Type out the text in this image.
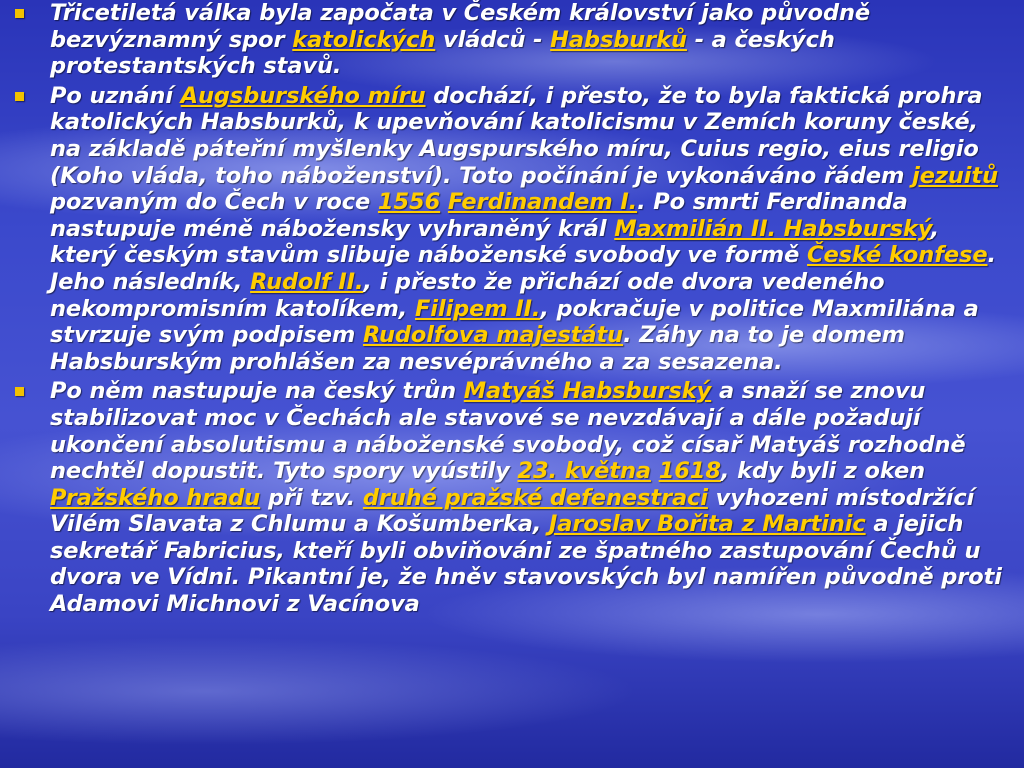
Třicetiletá válka byla započata v Českém království jako původně bezvýznamný spor katolických vládců - Habsburků - a českých protestantských stavů.
Po uznání Augsburského míru dochází, i přesto, že to byla faktická prohra katolických Habsburků, k upevňování katolicismu v Zemích koruny české, na základě páteřní myšlenky Augspurského míru, Cuius regio, eius religio (Koho vláda, toho náboženství). Toto počínání je vykonáváno řádem jezuitů pozvaným do Čech v roce 1556 Ferdinandem I.. Po smrti Ferdinanda nastupuje méně nábožensky vyhraněný král Maxmilián II. Habsburský, který českým stavům slibuje náboženské svobody ve formě České konfese. Jeho následník, Rudolf II., i přesto že přichází ode dvora vedeného nekompromisním katolíkem, Filipem II., pokračuje v politice Maxmiliána a stvrzuje svým podpisem Rudolfova majestátu. Záhy na to je domem Habsburským prohlášen za nesvéprávného a za sesazena.
Po něm nastupuje na český trůn Matyáš Habsburský a snaží se znovu stabilizovat moc v Čechách ale stavové se nevzdávají a dále požadují ukončení absolutismu a náboženské svobody, což císař Matyáš rozhodně nechtěl dopustit. Tyto spory vyústily 23. května 1618, kdy byli z oken Pražského hradu při tzv. druhé pražské defenestraci vyhozeni místodržící Vilém Slavata z Chlumu a Košumberka, Jaroslav Bořita z Martinic a jejich sekretář Fabricius, kteří byli obviňováni ze špatného zastupování Čechů u dvora ve Vídni. Pikantní je, že hněv stavovských byl namířen původně proti Adamovi Michnovi z Vacínova
